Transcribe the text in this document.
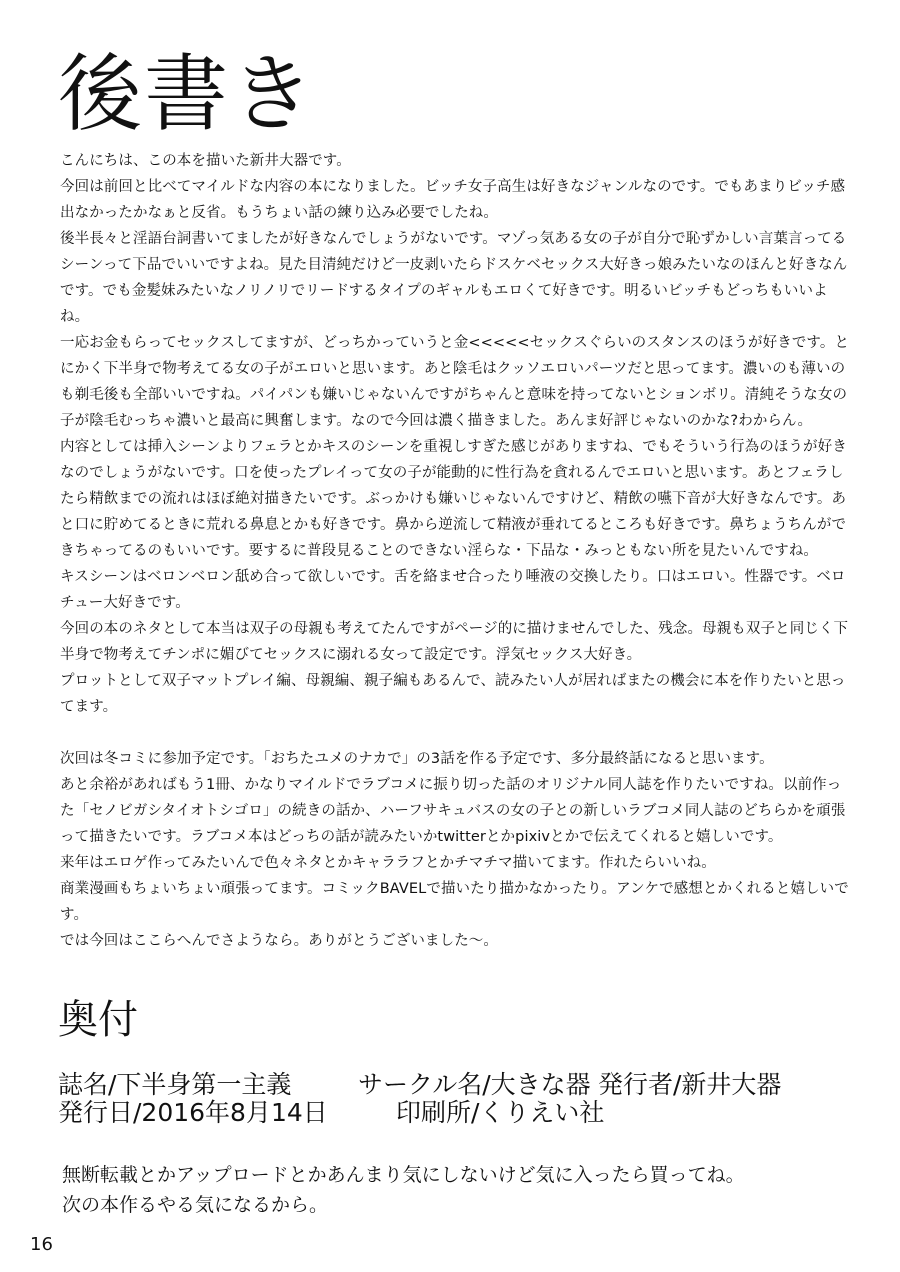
後書き

こんにちは、この本を描いた新井大器です。

今回は前回と比べてマイルドな内容の本になりました。ビッチ女子高生は好きなジャンルなのです。でもあまりビッチ感出なかったかなぁと反省。もうちょい話の練り込み必要でしたね。

後半長々と淫語台詞書いてましたが好きなんでしょうがないです。マゾっ気ある女の子が自分で恥ずかしい言葉言ってるシーンって下品でいいですよね。見た目清純だけど一皮剥いたらドスケベセックス大好きっ娘みたいなのほんと好きなんです。でも金髪妹みたいなノリノリでリードするタイプのギャルもエロくて好きです。明るいビッチもどっちもいいよね。

一応お金もらってセックスしてますが、どっちかっていうと金<<<<<セックスぐらいのスタンスのほうが好きです。とにかく下半身で物考えてる女の子がエロいと思います。あと陰毛はクッソエロいパーツだと思ってます。濃いのも薄いのも剃毛後も全部いいですね。パイパンも嫌いじゃないんですがちゃんと意味を持ってないとションボリ。清純そうな女の子が陰毛むっちゃ濃いと最高に興奮します。なので今回は濃く描きました。あんま好評じゃないのかな?わからん。

内容としては挿入シーンよりフェラとかキスのシーンを重視しすぎた感じがありますね、でもそういう行為のほうが好きなのでしょうがないです。口を使ったプレイって女の子が能動的に性行為を貪れるんでエロいと思います。あとフェラしたら精飲までの流れはほぼ絶対描きたいです。ぶっかけも嫌いじゃないんですけど、精飲の嚥下音が大好きなんです。あと口に貯めてるときに荒れる鼻息とかも好きです。鼻から逆流して精液が垂れてるところも好きです。鼻ちょうちんができちゃってるのもいいです。要するに普段見ることのできない淫らな・下品な・みっともない所を見たいんですね。

キスシーンはベロンベロン舐め合って欲しいです。舌を絡ませ合ったり唾液の交換したり。口はエロい。性器です。ベロチュー大好きです。

今回の本のネタとして本当は双子の母親も考えてたんですがページ的に描けませんでした、残念。母親も双子と同じく下半身で物考えてチンポに媚びてセックスに溺れる女って設定です。浮気セックス大好き。

プロットとして双子マットプレイ編、母親編、親子編もあるんで、読みたい人が居ればまたの機会に本を作りたいと思ってます。

次回は冬コミに参加予定です。「おちたユメのナカで」の3話を作る予定です、多分最終話になると思います。

あと余裕があればもう1冊、かなりマイルドでラブコメに振り切った話のオリジナル同人誌を作りたいですね。以前作った「セノビガシタイオトシゴロ」の続きの話か、ハーフサキュバスの女の子との新しいラブコメ同人誌のどちらかを頑張って描きたいです。ラブコメ本はどっちの話が読みたいかtwitterとかpixivとかで伝えてくれると嬉しいです。

来年はエロゲ作ってみたいんで色々ネタとかキャララフとかチマチマ描いてます。作れたらいいね。

商業漫画もちょいちょい頑張ってます。コミックBAVELで描いたり描かなかったり。アンケで感想とかくれると嬉しいです。

では今回はここらへんでさようなら。ありがとうございました～。

奥付
誌名/下半身第一主義	サークル名/大きな器 発行者/新井大器
発行日/2016年8月14日	印刷所/くりえい社

無断転載とかアップロードとかあんまり気にしないけど気に入ったら買ってね。

次の本作るやる気になるから。

16
